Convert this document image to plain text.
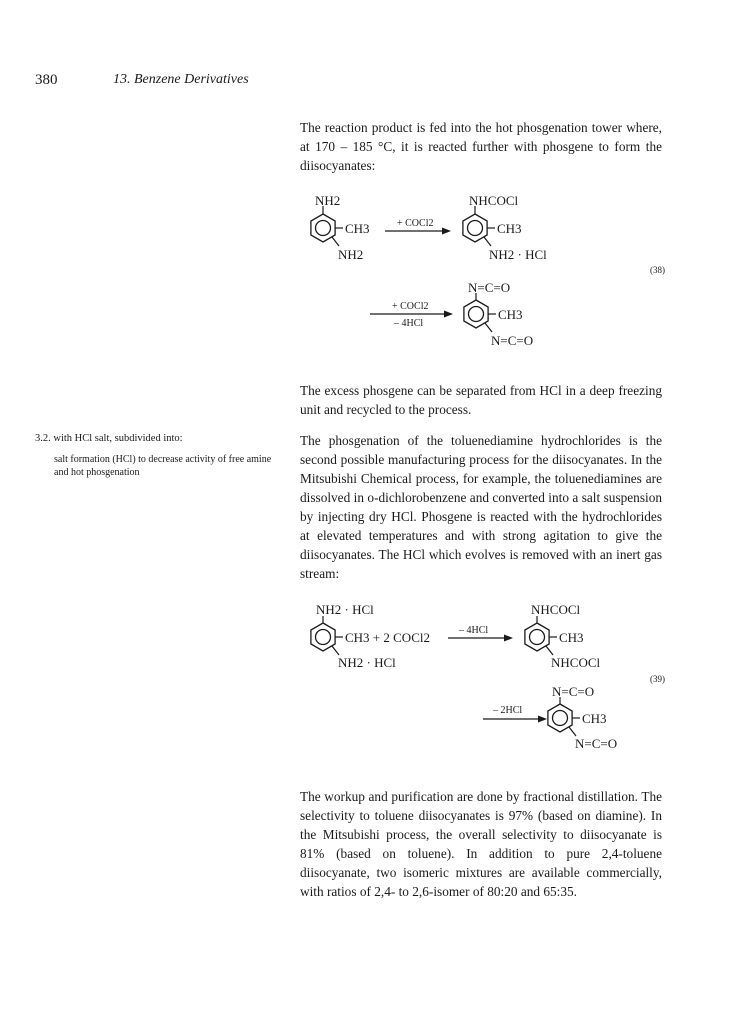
380	13. Benzene Derivatives

The reaction product is fed into the hot phosgenation tower where, at 170 – 185 °C, it is reacted further with phosgene to form the diisocyanates:

The excess phosgene can be separated from HCl in a deep freezing unit and recycled to the process.

The phosgenation of the toluenediamine hydrochlorides is the second possible manufacturing process for the diisocyanates. In the Mitsubishi Chemical process, for example, the toluenediamines are dissolved in o-dichlorobenzene and converted into a salt suspension by injecting dry HCl. Phosgene is reacted with the hydrochlorides at elevated temperatures and with strong agitation to give the diisocyanates. The HCl which evolves is removed with an inert gas stream:

The workup and purification are done by fractional distillation. The selectivity to toluene diisocyanates is 97% (based on diamine). In the Mitsubishi process, the overall selectivity to diisocyanate is 81% (based on toluene). In addition to pure 2,4-toluene diisocyanate, two isomeric mixtures are available commercially, with ratios of 2,4- to 2,6-isomer of 80:20 and 65:35.

3.2. with HCl salt, subdivided into:
salt formation (HCl) to decrease activity of free amine and hot phosgenation
NH2
CH3
NH2
+ COCl2
NHCOCl
CH3
NH2 · HCl
(38)
+ COCl2
– 4HCl
N=C=O
CH3
N=C=O
NH2 · HCl
CH3 + 2 COCl2
NH2 · HCl
– 4HCl
NHCOCl
CH3
NHCOCl
(39)
– 2HCl
N=C=O
CH3
N=C=O
